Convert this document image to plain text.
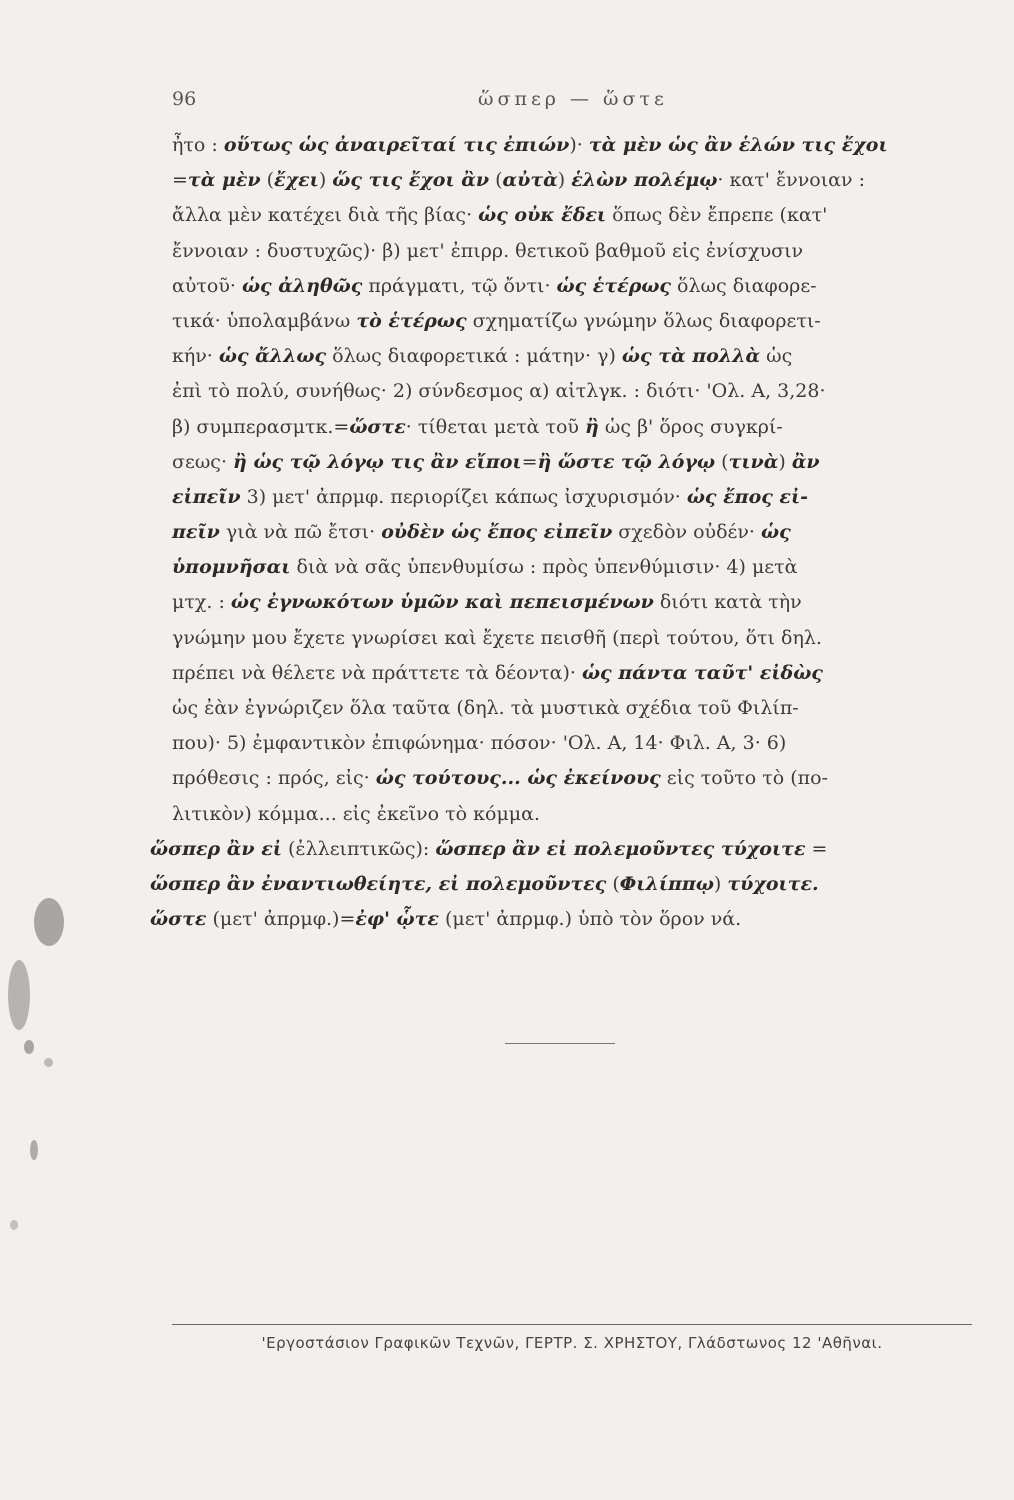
96	ὥσπερ — ὥστε
ἦτο : οὕτως ὡς ἀναιρεῖταί τις ἐπιών)· τὰ μὲν ὡς ἂν ἑλών τις ἔχοι
=τὰ μὲν (ἔχει) ὥς τις ἔχοι ἂν (αὐτὰ) ἑλὼν πολέμῳ· κατ' ἔννοιαν :
ἄλλα μὲν κατέχει διὰ τῆς βίας· ὡς οὐκ ἔδει ὅπως δὲν ἔπρεπε (κατ'
ἔννοιαν : δυστυχῶς)· β) μετ' ἐπιρρ. θετικοῦ βαθμοῦ εἰς ἐνίσχυσιν
αὐτοῦ· ὡς ἀληθῶς πράγματι, τῷ ὄντι· ὡς ἑτέρως ὅλως διαφορε-
τικά· ὑπολαμβάνω τὸ ἑτέρως σχηματίζω γνώμην ὅλως διαφορετι-
κήν· ὡς ἄλλως ὅλως διαφορετικά : μάτην· γ) ὡς τὰ πολλὰ ὡς
ἐπὶ τὸ πολύ, συνήθως· 2) σύνδεσμος α) αἰτλγκ. : διότι· 'Ολ. Α, 3,28·
β) συμπερασμτκ.=ὥστε· τίθεται μετὰ τοῦ ἢ ὡς β' ὅρος συγκρί-
σεως· ἢ ὡς τῷ λόγῳ τις ἂν εἴποι=ἢ ὥστε τῷ λόγῳ (τινὰ) ἂν
εἰπεῖν 3) μετ' ἀπρμφ. περιορίζει κάπως ἰσχυρισμόν· ὡς ἔπος εἰ-
πεῖν γιὰ νὰ πῶ ἔτσι· οὐδὲν ὡς ἔπος εἰπεῖν σχεδὸν οὐδέν· ὡς
ὑπομνῆσαι διὰ νὰ σᾶς ὑπενθυμίσω : πρὸς ὑπενθύμισιν· 4) μετὰ
μτχ. : ὡς ἐγνωκότων ὑμῶν καὶ πεπεισμένων διότι κατὰ τὴν
γνώμην μου ἔχετε γνωρίσει καὶ ἔχετε πεισθῆ (περὶ τούτου, ὅτι δηλ.
πρέπει νὰ θέλετε νὰ πράττετε τὰ δέοντα)· ὡς πάντα ταῦτ' εἰδὼς
ὡς ἐὰν ἐγνώριζεν ὅλα ταῦτα (δηλ. τὰ μυστικὰ σχέδια τοῦ Φιλίπ-
που)· 5) ἐμφαντικὸν ἐπιφώνημα· πόσον· 'Ολ. Α, 14· Φιλ. Α, 3· 6)
πρόθεσις : πρός, εἰς· ὡς τούτους... ὡς ἐκείνους εἰς τοῦτο τὸ (πο-
λιτικὸν) κόμμα... εἰς ἐκεῖνο τὸ κόμμα.
ὥσπερ ἂν εἰ (ἐλλειπτικῶς): ὥσπερ ἂν εἰ πολεμοῦντες τύχοιτε =
ὥσπερ ἂν ἐναντιωθείητε, εἰ πολεμοῦντες (Φιλίππῳ) τύχοιτε.
ὥστε (μετ' ἀπρμφ.)=ἐφ' ᾧτε (μετ' ἀπρμφ.) ὑπὸ τὸν ὅρον νά.
'Εργοστάσιον Γραφικῶν Τεχνῶν, ΓΕΡΤΡ. Σ. ΧΡΗΣΤΟΥ, Γλάδστωνος 12 'Αθῆναι.
